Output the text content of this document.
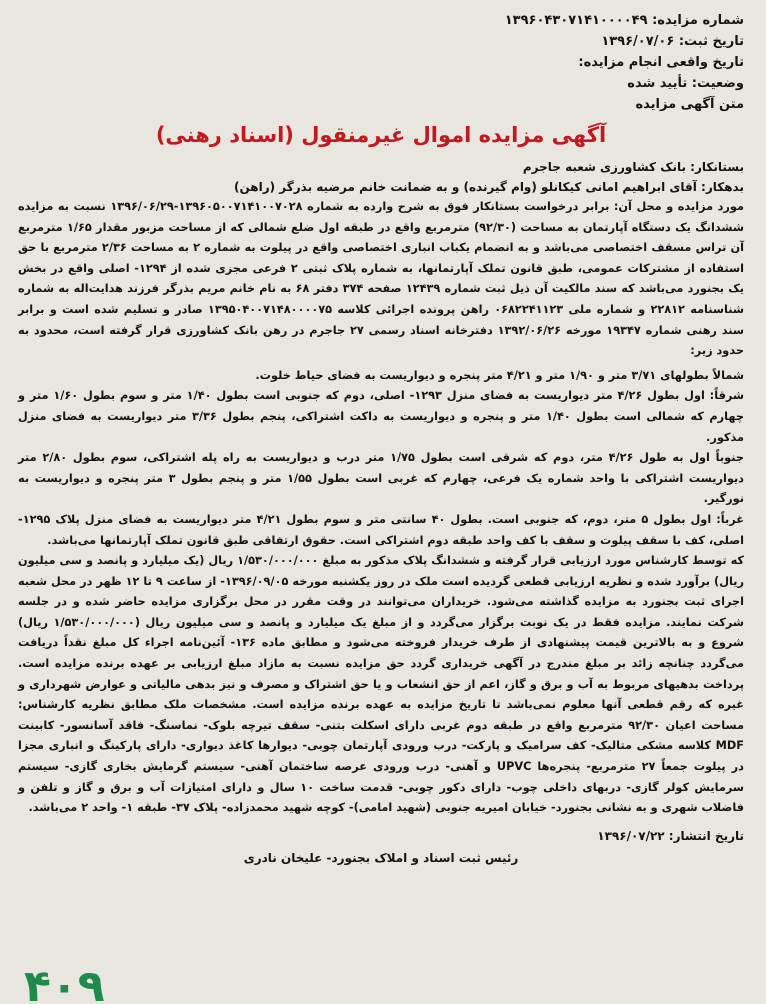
شماره مزایده: ۱۳۹۶۰۴۳۰۷۱۴۱۰۰۰۰۴۹
تاریخ ثبت: ۱۳۹۶/۰۷/۰۶
تاریخ واقعی انجام مزایده:
وضعیت: تأیید شده
متن آگهی مزایده
آگهی مزایده اموال غیرمنقول (اسناد رهنی)
بستانکار: بانک کشاورزی شعبه جاجرم
بدهکار: آقای ابراهیم امانی کیکانلو (وام گیرنده) و به ضمانت خانم مرضیه بذرگر (راهن)

مورد مزایده و محل آن: برابر درخواست بستانکار فوق به شرح وارده به شماره ۱۳۹۶۰۵۰۰۷۱۴۱۰۰۷۰۲۸-۱۳۹۶/۰۶/۲۹ نسبت به مزایده ششدانگ یک دستگاه آپارتمان به مساحت (۹۲/۳۰) مترمربع واقع در طبقه اول ضلع شمالی که از مساحت مزبور مقدار ۱/۶۵ مترمربع آن تراس مسقف اختصاصی می‌باشد و به انضمام یکباب انباری اختصاصی واقع در پیلوت به شماره ۲ به مساحت ۲/۳۶ مترمربع با حق استفاده از مشترکات عمومی، طبق قانون تملک آپارتمانها، به شماره پلاک ثبتی ۲ فرعی مجزی شده از ۱۲۹۴- اصلی واقع در بخش یک بجنورد می‌باشد که سند مالکیت آن ذیل ثبت شماره ۱۲۴۳۹ صفحه ۳۷۴ دفتر ۶۸ به نام خانم مریم بذرگر فرزند هدایت‌اله به شماره شناسنامه ۲۲۸۱۲ و شماره ملی ۰۶۸۲۲۴۱۱۲۳ راهن پرونده اجرائی کلاسه ۱۳۹۵۰۴۰۰۷۱۴۸۰۰۰۰۷۵ صادر و تسلیم شده است و برابر سند رهنی شماره ۱۹۳۴۷ مورخه ۱۳۹۲/۰۶/۲۶ دفترخانه اسناد رسمی ۲۷ جاجرم در رهن بانک کشاورزی قرار گرفته است، محدود به حدود زیر:

شمالاً بطولهای ۳/۷۱ متر و ۱/۹۰ متر و ۴/۲۱ متر پنجره و دیواریست به فضای حیاط خلوت.

شرقاً: اول بطول ۴/۲۶ متر دیواریست به فضای منزل ۱۲۹۳- اصلی، دوم که جنوبی است بطول ۱/۴۰ متر و سوم بطول ۱/۶۰ متر و چهارم که شمالی است بطول ۱/۴۰ متر و پنجره و دیواریست به داکت اشتراکی، پنجم بطول ۳/۳۶ متر دیواریست به فضای منزل مذکور.

جنوباً اول به طول ۴/۲۶ متر، دوم که شرقی است بطول ۱/۷۵ متر درب و دیواریست به راه پله اشتراکی، سوم بطول ۲/۸۰ متر دیواریست اشتراکی با واحد شماره یک فرعی، چهارم که غربی است بطول ۱/۵۵ متر و پنجم بطول ۳ متر پنجره و دیواریست به نورگیر.

غرباً: اول بطول ۵ متر، دوم، که جنوبی است. بطول ۴۰ سانتی متر و سوم بطول ۴/۲۱ متر دیواریست به فضای منزل پلاک ۱۲۹۵- اصلی، کف با سقف پیلوت و سقف با کف واحد طبقه دوم اشتراکی است. حقوق ارتفاقی طبق قانون تملک آپارتمانها می‌باشد.

که توسط کارشناس مورد ارزیابی قرار گرفته و ششدانگ پلاک مذکور به مبلغ ۱/۵۳۰/۰۰۰/۰۰۰ ریال (یک میلیارد و پانصد و سی میلیون ریال) برآورد شده و نظریه ارزیابی قطعی گردیده است ملک در روز یکشنبه مورخه ۱۳۹۶/۰۹/۰۵- از ساعت ۹ تا ۱۲ ظهر در محل شعبه اجرای ثبت بجنورد به مزایده گذاشته می‌شود. خریداران می‌توانند در وقت مقرر در محل برگزاری مزایده حاضر شده و در جلسه شرکت نمایند. مزایده فقط در یک نوبت برگزار می‌گردد و از مبلغ یک میلیارد و پانصد و سی میلیون ریال (۱/۵۳۰/۰۰۰/۰۰۰ ریال) شروع و به بالاترین قیمت پیشنهادی از طرف خریدار فروخته می‌شود و مطابق ماده ۱۳۶- آئین‌نامه اجراء کل مبلغ نقداً دریافت می‌گردد چنانچه زائد بر مبلغ مندرج در آگهی خریداری گردد حق مزایده نسبت به مازاد مبلغ ارزیابی بر عهده برنده مزایده است. پرداخت بدهیهای مربوط به آب و برق و گاز، اعم از حق انشعاب و یا حق اشتراک و مصرف و نیز بدهی مالیاتی و عوارض شهرداری و غیره که رقم قطعی آنها معلوم نمی‌باشد تا تاریخ مزایده به عهده برنده مزایده است. مشخصات ملک مطابق نظریه کارشناس: مساحت اعیان ۹۲/۳۰ مترمربع واقع در طبقه دوم غربی دارای اسکلت بتنی- سقف تیرچه بلوک- نماسنگ- فاقد آسانسور- کابینت MDF کلاسه مشکی متالیک- کف سرامیک و پارکت- درب ورودی آپارتمان چوبی- دیوارها کاغذ دیواری- دارای پارکینگ و انباری مجزا در پیلوت جمعاً ۲۷ مترمربع- پنجره‌ها UPVC و آهنی- درب ورودی عرصه ساختمان آهنی- سیستم گرمایش بخاری گازی- سیستم سرمایش کولر گازی- دربهای داخلی چوب- دارای دکور چوبی- قدمت ساخت ۱۰ سال و دارای امتیازات آب و برق و گاز و تلفن و فاضلاب شهری و به نشانی بجنورد- خیابان امیریه جنوبی (شهید امامی)- کوچه شهید محمدزاده- پلاک ۳۷- طبقه ۱- واحد ۲ می‌باشد.

تاریخ انتشار: ۱۳۹۶/۰۷/۲۲
رئیس ثبت اسناد و املاک بجنورد- علیخان نادری
۴۰۹
